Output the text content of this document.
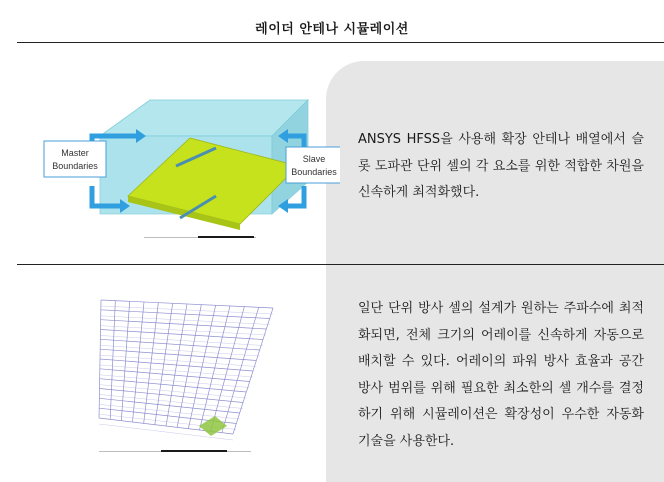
레이더 안테나 시뮬레이션
Master
Boundaries
Slave
Boundaries
ANSYS HFSS을 사용해 확장 안테나 배열에서 슬롯 도파관 단위 셀의 각 요소를 위한 적합한 차원을 신속하게 최적화했다.
일단 단위 방사 셀의 설계가 원하는 주파수에 최적화되면, 전체 크기의 어레이를 신속하게 자동으로 배치할 수 있다. 어레이의 파워 방사 효율과 공간 방사 범위를 위해 필요한 최소한의 셀 개수를 결정하기 위해 시뮬레이션은 확장성이 우수한 자동화 기술을 사용한다.
